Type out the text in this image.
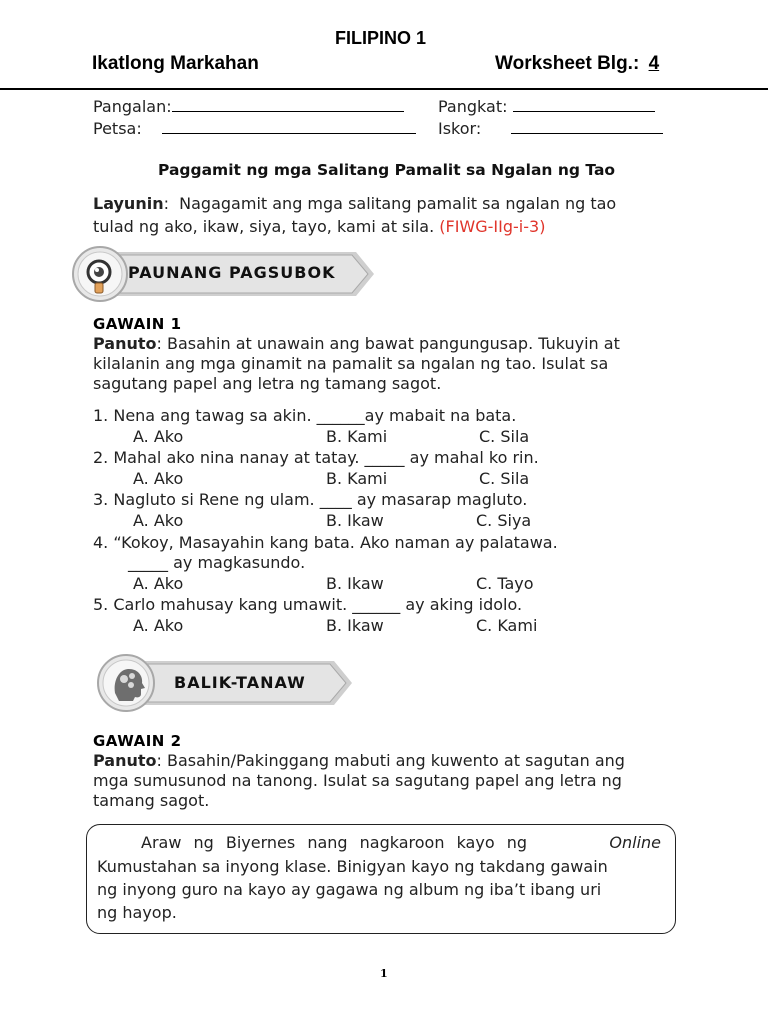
FILIPINO 1
Ikatlong Markahan	Worksheet Blg.: 4
Pangalan:	Pangkat:
Petsa:	Iskor:
Paggamit ng mga Salitang Pamalit sa Ngalan ng Tao
Layunin:  Nagagamit ang mga salitang pamalit sa ngalan ng tao
tulad ng ako, ikaw, siya, tayo, kami at sila. (FIWG-IIg-i-3)
PAUNANG PAGSUBOK
GAWAIN 1
Panuto: Basahin at unawain ang bawat pangungusap. Tukuyin at
kilalanin ang mga ginamit na pamalit sa ngalan ng tao. Isulat sa
sagutang papel ang letra ng tamang sagot.
1. Nena ang tawag sa akin. ______ay mabait na bata.
A. Ako	B. Kami	C. Sila
2. Mahal ako nina nanay at tatay. _____ ay mahal ko rin.
A. Ako	B. Kami	C. Sila
3. Nagluto si Rene ng ulam. ____ ay masarap magluto.
A. Ako	B. Ikaw	C. Siya
4. “Kokoy, Masayahin kang bata. Ako naman ay palatawa.
_____ ay magkasundo.
A. Ako	B. Ikaw	C. Tayo
5. Carlo mahusay kang umawit. ______ ay aking idolo.
A. Ako	B. Ikaw	C. Kami
BALIK-TANAW
GAWAIN 2
Panuto: Basahin/Pakinggang mabuti ang kuwento at sagutan ang
mga sumusunod na tanong. Isulat sa sagutang papel ang letra ng
tamang sagot.
Araw ng Biyernes nang nagkaroon kayo ng	Online
Kumustahan sa inyong klase. Binigyan kayo ng takdang gawain
ng inyong guro na kayo ay gagawa ng album ng iba’t ibang uri
ng hayop.
1
